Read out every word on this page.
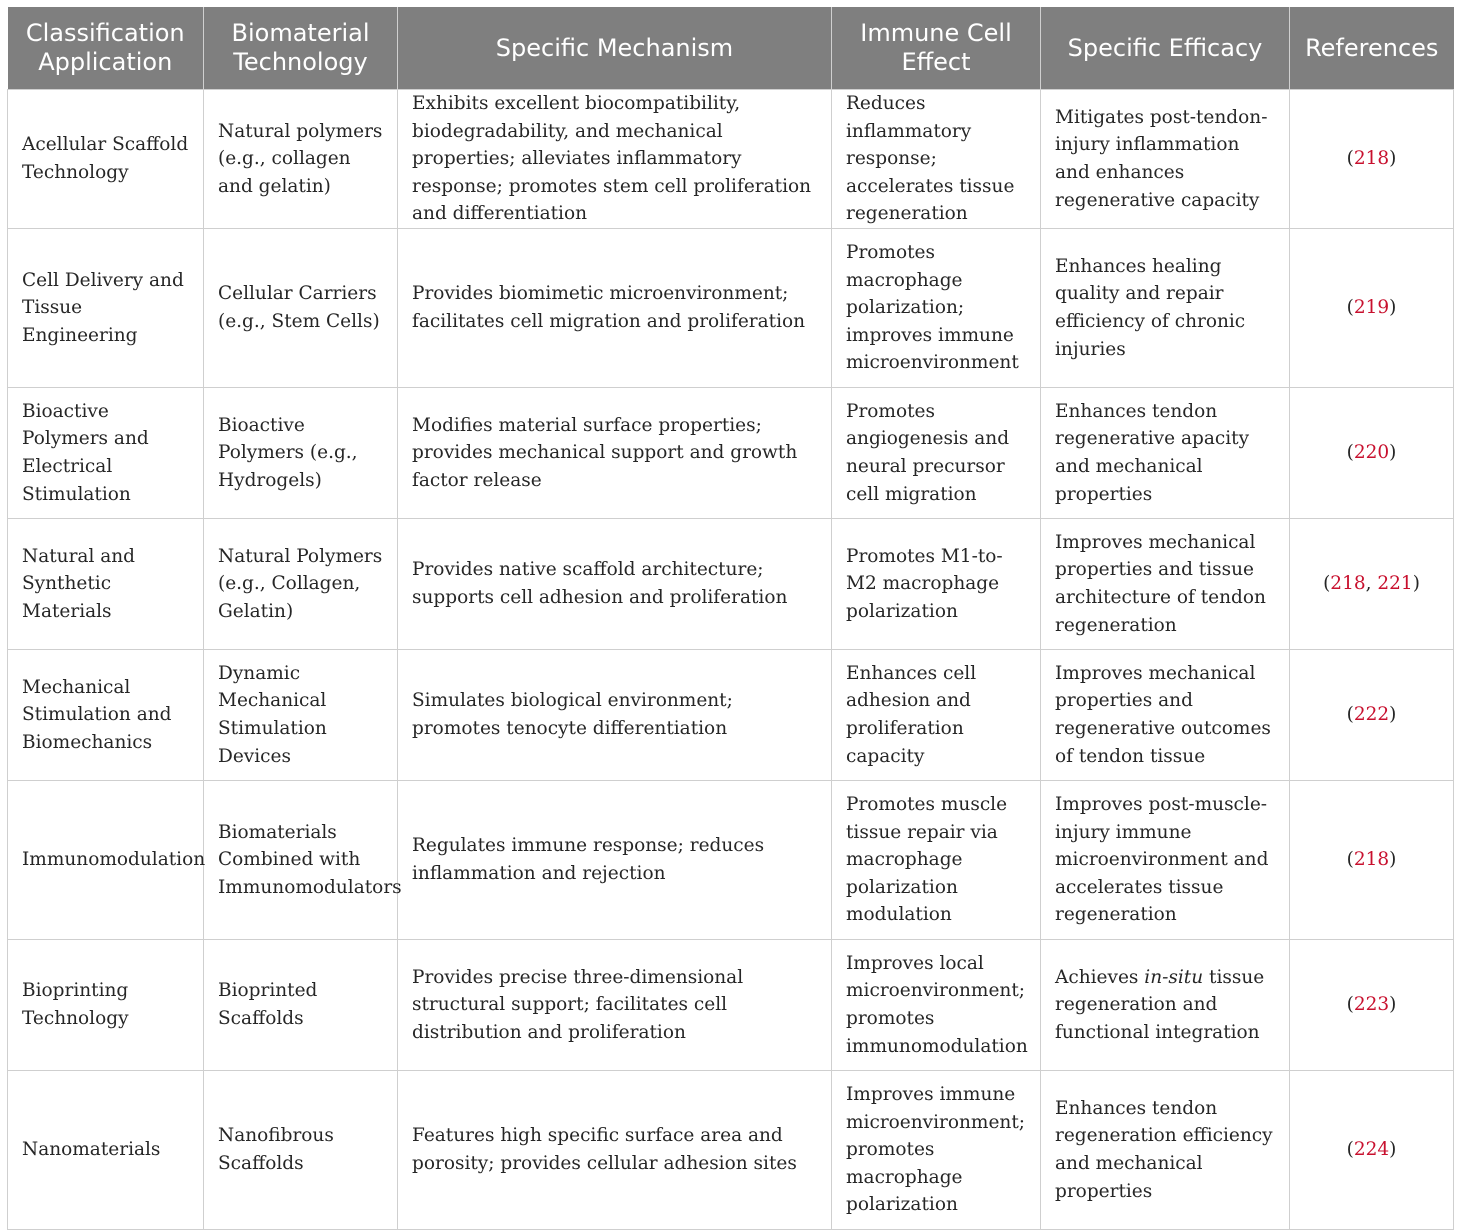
Classification Application	Biomaterial Technology	Specific Mechanism	Immune Cell Effect	Specific Efficacy	References
Acellular Scaffold Technology	Natural polymers (e.g., collagen and gelatin)	Exhibits excellent biocompatibility, biodegradability, and mechanical properties; alleviates inflammatory response; promotes stem cell proliferation and differentiation	Reduces inflammatory response; accelerates tissue regeneration	Mitigates post-tendon-injury inflammation and enhances regenerative capacity	(218)
Cell Delivery and Tissue Engineering	Cellular Carriers (e.g., Stem Cells)	Provides biomimetic microenvironment; facilitates cell migration and proliferation	Promotes macrophage polarization; improves immune microenvironment	Enhances healing quality and repair efficiency of chronic injuries	(219)
Bioactive Polymers and Electrical Stimulation	Bioactive Polymers (e.g., Hydrogels)	Modifies material surface properties; provides mechanical support and growth factor release	Promotes angiogenesis and neural precursor cell migration	Enhances tendon regenerative apacity and mechanical properties	(220)
Natural and Synthetic Materials	Natural Polymers (e.g., Collagen, Gelatin)	Provides native scaffold architecture; supports cell adhesion and proliferation	Promotes M1-to-M2 macrophage polarization	Improves mechanical properties and tissue architecture of tendon regeneration	(218, 221)
Mechanical Stimulation and Biomechanics	Dynamic Mechanical Stimulation Devices	Simulates biological environment; promotes tenocyte differentiation	Enhances cell adhesion and proliferation capacity	Improves mechanical properties and regenerative outcomes of tendon tissue	(222)
Immunomodulation	Biomaterials Combined with Immunomodulators	Regulates immune response; reduces inflammation and rejection	Promotes muscle tissue repair via macrophage polarization modulation	Improves post-muscle-injury immune microenvironment and accelerates tissue regeneration	(218)
Bioprinting Technology	Bioprinted Scaffolds	Provides precise three-dimensional structural support; facilitates cell distribution and proliferation	Improves local microenvironment; promotes immunomodulation	Achieves in-situ tissue regeneration and functional integration	(223)
Nanomaterials	Nanofibrous Scaffolds	Features high specific surface area and porosity; provides cellular adhesion sites	Improves immune microenvironment; promotes macrophage polarization	Enhances tendon regeneration efficiency and mechanical properties	(224)
